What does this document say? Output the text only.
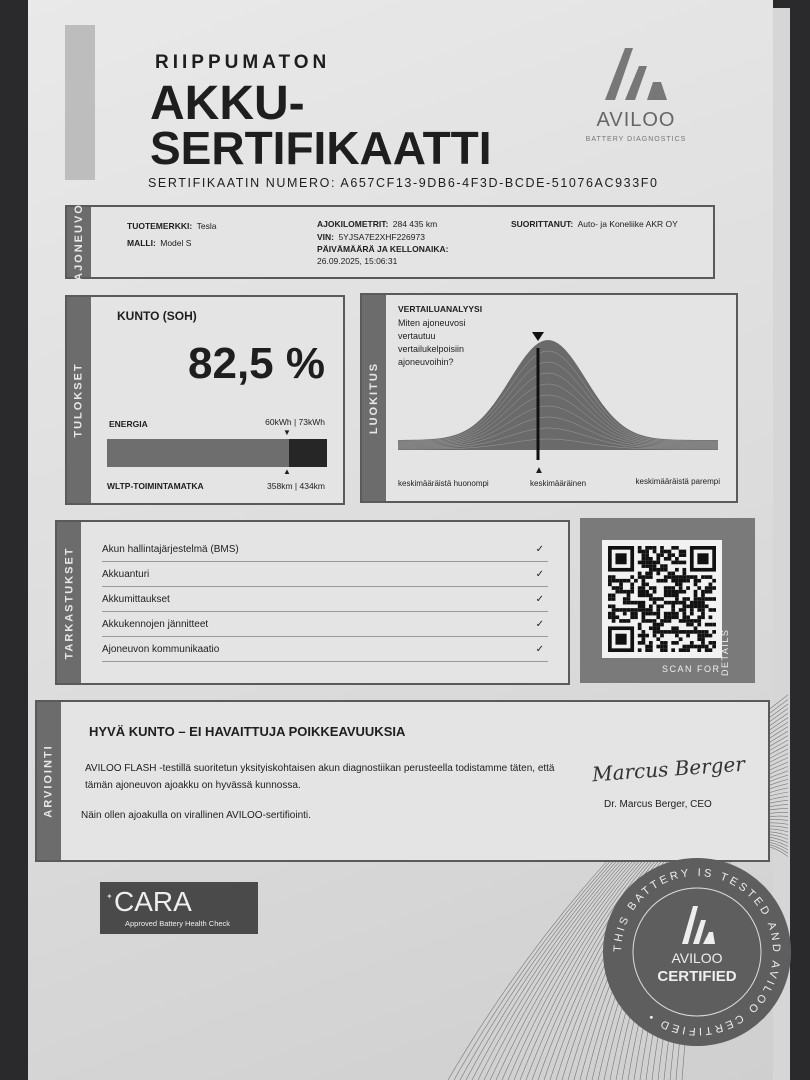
RIIPPUMATON
AKKU-
SERTIFIKAATTI
SERTIFIKAATIN NUMERO: A657CF13-9DB6-4F3D-BCDE-51076AC933F0
AVILOO
BATTERY DIAGNOSTICS
AJONEUVO	TUOTEMERKKI: Tesla
MALLI: Model S
AJOKILOMETRIT: 284 435 km
VIN: 5YJSA7E2XHF226973
PÄIVÄMÄÄRÄ JA KELLONAIKA:
26.09.2025, 15:06:31
SUORITTANUT: Auto- ja Koneliike AKR OY
TULOKSET
KUNTO (SOH)
82,5 %
ENERGIA	60kWh | 73kWh
▼
▲
WLTP-TOIMINTAMATKA	358km | 434km
LUOKITUS
VERTAILUANALYYSI
Miten ajoneuvosi vertautuu vertailukelpoisiin ajoneuvoihin?
▲
keskimääräistä huonompi	keskimääräinen	keskimääräistä parempi
TARKASTUKSET	Akun hallintajärjestelmä (BMS)	✓
Akkuanturi	✓
Akkumittaukset	✓
Akkukennojen jännitteet	✓
Ajoneuvon kommunikaatio	✓
SCAN FOR DETAILS
ARVIOINTI
HYVÄ KUNTO – EI HAVAITTUJA POIKKEAVUUKSIA
AVILOO FLASH -testillä suoritetun yksityiskohtaisen akun diagnostiikan perusteella todistamme täten, että tämän ajoneuvon ajoakku on hyvässä kunnossa.
Näin ollen ajoakulla on virallinen AVILOO-sertifiointi.
Marcus Berger
Dr. Marcus Berger, CEO
✦ CARA
Approved Battery Health Check
THIS BATTERY IS TESTED AND AVILOO CERTIFIED •
AVILOO
CERTIFIED
